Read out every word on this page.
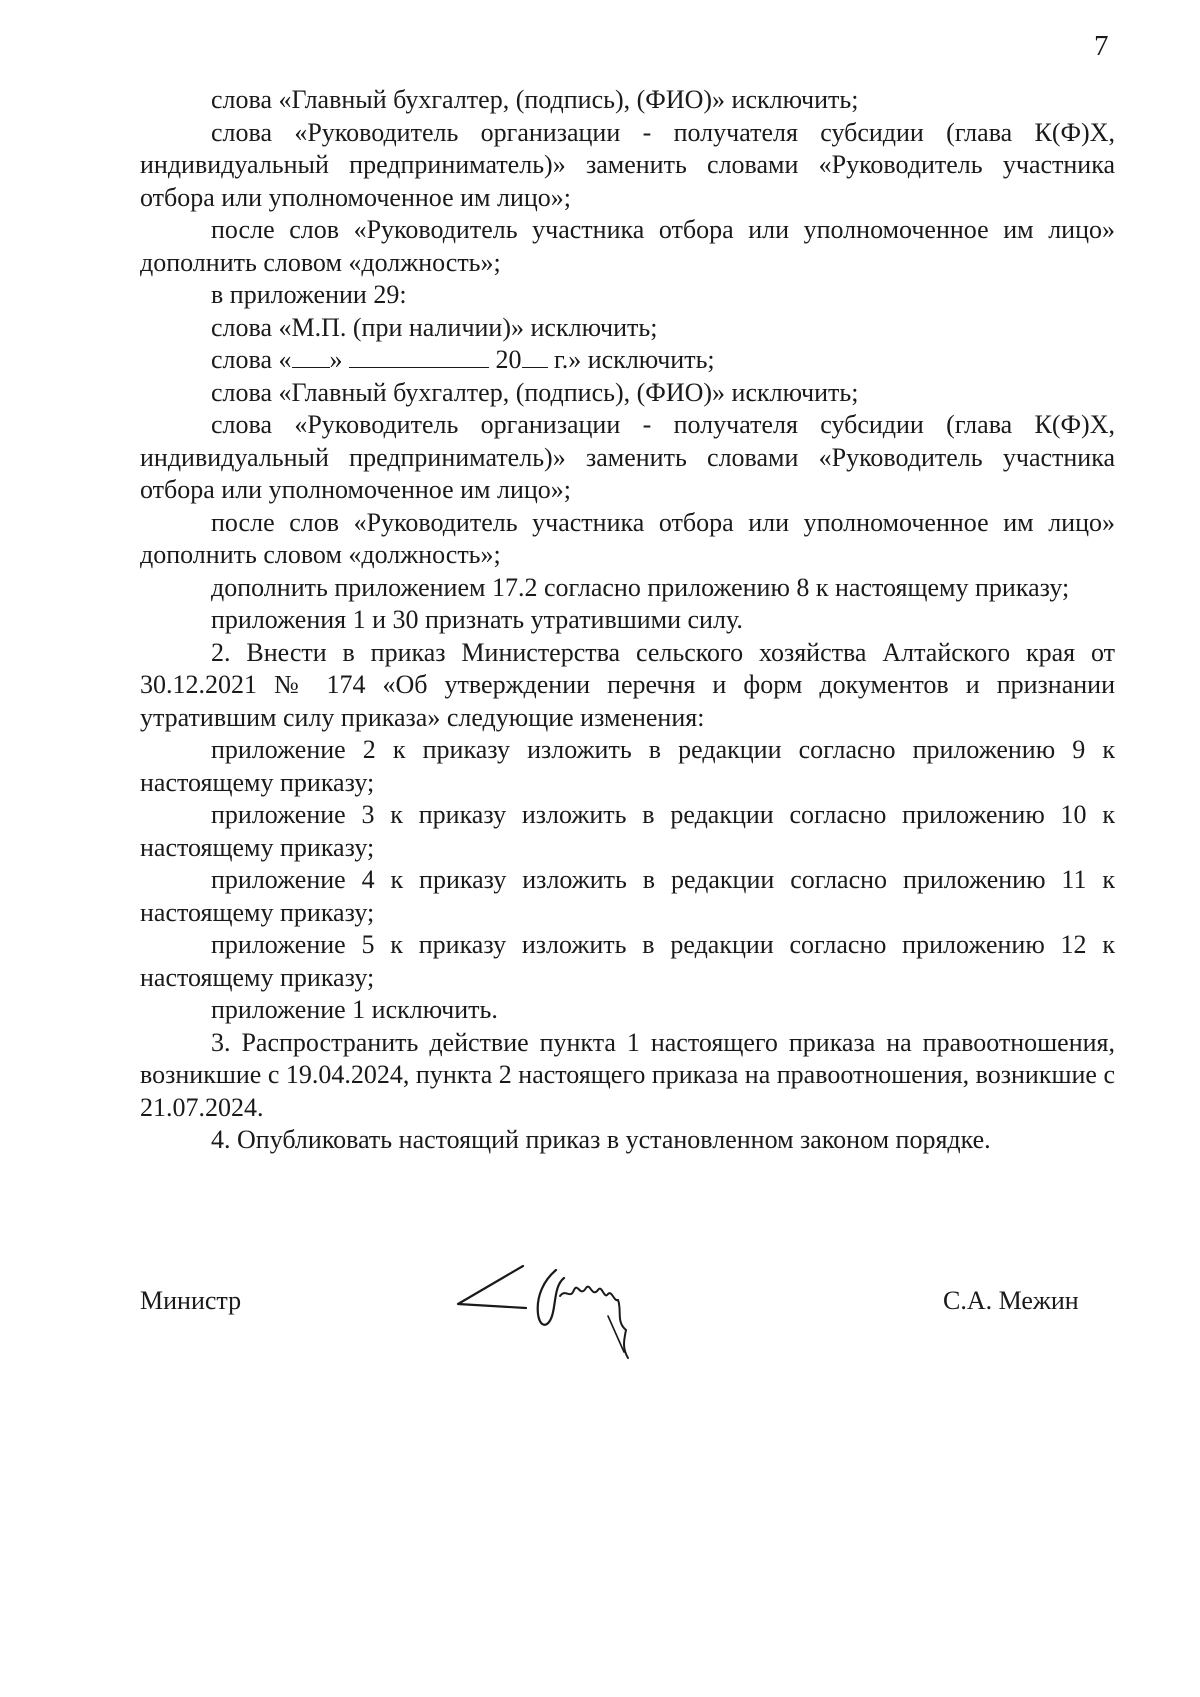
7

слова «Главный бухгалтер, (подпись), (ФИО)» исключить;

слова «Руководитель организации - получателя субсидии (глава К(Ф)Х, индивидуальный предприниматель)» заменить словами «Руководитель участника отбора или уполномоченное им лицо»;

после слов «Руководитель участника отбора или уполномоченное им лицо» дополнить словом «должность»;

в приложении 29:

слова «М.П. (при наличии)» исключить;

слова « »	20 г.» исключить;

слова «Главный бухгалтер, (подпись), (ФИО)» исключить;

слова «Руководитель организации - получателя субсидии (глава К(Ф)Х, индивидуальный предприниматель)» заменить словами «Руководитель участника отбора или уполномоченное им лицо»;

после слов «Руководитель участника отбора или уполномоченное им лицо» дополнить словом «должность»;

дополнить приложением 17.2 согласно приложению 8 к настоящему приказу;

приложения 1 и 30 признать утратившими силу.

2. Внести в приказ Министерства сельского хозяйства Алтайского края от 30.12.2021 № 174 «Об утверждении перечня и форм документов и признании утратившим силу приказа» следующие изменения:

приложение 2 к приказу изложить в редакции согласно приложению 9 к настоящему приказу;

приложение 3 к приказу изложить в редакции согласно приложению 10 к настоящему приказу;

приложение 4 к приказу изложить в редакции согласно приложению 11 к настоящему приказу;

приложение 5 к приказу изложить в редакции согласно приложению 12 к настоящему приказу;

приложение 1 исключить.

3. Распространить действие пункта 1 настоящего приказа на правоотношения, возникшие с 19.04.2024, пункта 2 настоящего приказа на правоотношения, возникшие с 21.07.2024.

4. Опубликовать настоящий приказ в установленном законом порядке.

Министр	С.А. Межин
